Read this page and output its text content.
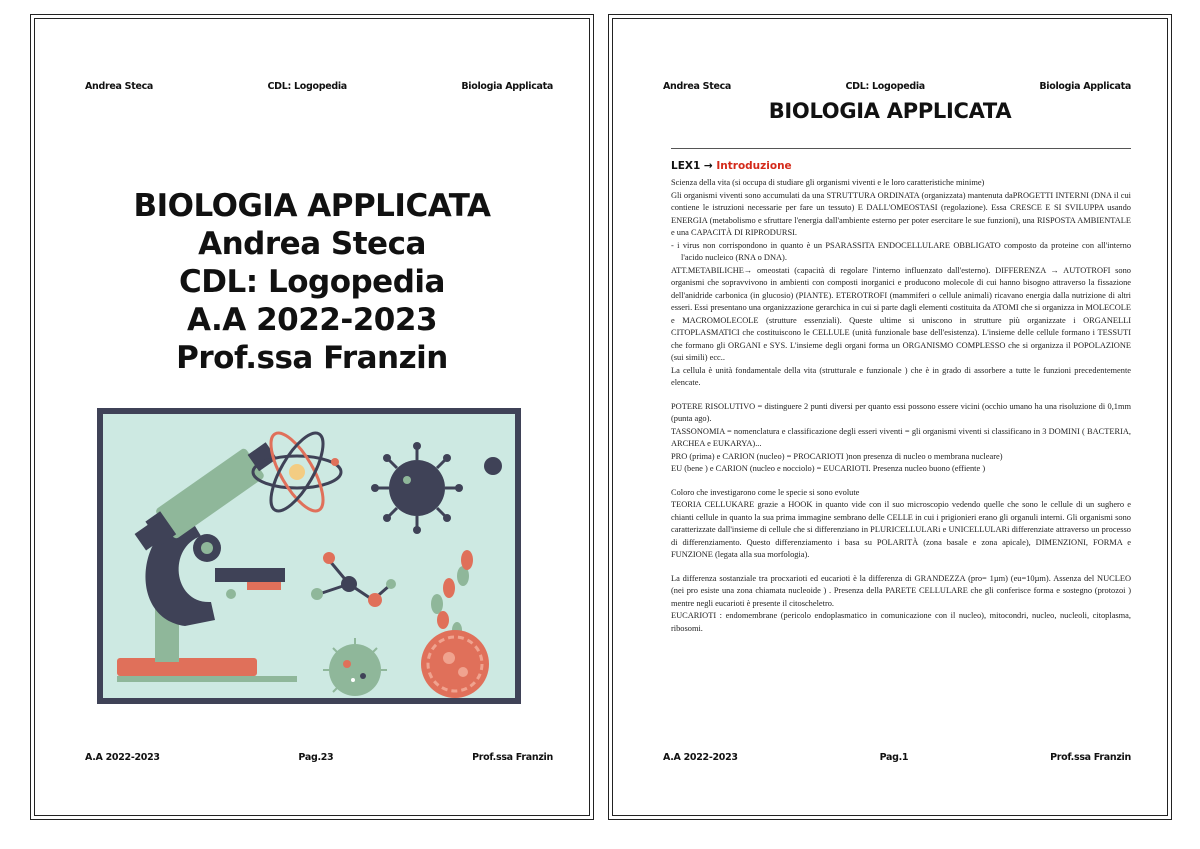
Andrea Steca	CDL: Logopedia	Biologia Applicata
BIOLOGIA APPLICATA
Andrea Steca
CDL: Logopedia
A.A 2022-2023
Prof.ssa Franzin
A.A 2022-2023	Pag.23	Prof.ssa Franzin
Andrea Steca	CDL: Logopedia	Biologia Applicata
BIOLOGIA APPLICATA
LEX1 → Introduzione

Scienza della vita (si occupa di studiare gli organismi viventi e le loro caratteristiche minime)

Gli organismi viventi sono accumulati da una STRUTTURA ORDINATA (organizzata) mantenuta daPROGETTI INTERNI (DNA il cui contiene le istruzioni necessarie per fare un tessuto) E DALL'OMEOSTASI (regolazione). Essa CRESCE E SI SVILUPPA usando ENERGIA (metabolismo e sfruttare l'energia dall'ambiente esterno per poter esercitare le sue funzioni), una RISPOSTA AMBIENTALE e una CAPACITÀ DI RIPRODURSI.

- i virus non corrispondono in quanto è un PSARASSITA ENDOCELLULARE OBBLIGATO composto da proteine con all'interno l'acido nucleico (RNA o DNA).

ATT.METABILICHE→ omeostati (capacità di regolare l'interno influenzato dall'esterno). DIFFERENZA → AUTOTROFI sono organismi che sopravvivono in ambienti con composti inorganici e producono molecole di cui hanno bisogno attraverso la fissazione dell'anidride carbonica (in glucosio) (PIANTE). ETEROTROFI (mammiferi o cellule animali) ricavano energia dalla nutrizione di altri esseri. Essi presentano una organizzazione gerarchica in cui si parte dagli elementi costituita da ATOMI che si organizza in MOLECOLE e MACROMOLECOLE (strutture essenziali). Queste ultime si uniscono in strutture più organizzate i ORGANELLI CITOPLASMATICI che costituiscono le CELLULE (unità funzionale base dell'esistenza). L'insieme delle cellule formano i TESSUTI che formano gli ORGANI e SYS. L'insieme degli organi forma un ORGANISMO COMPLESSO che si organizza il POPOLAZIONE (sui simili) ecc..

La cellula è unità fondamentale della vita (strutturale e funzionale ) che è in grado di assorbere a tutte le funzioni precedentemente elencate.

POTERE RISOLUTIVO = distinguere 2 punti diversi per quanto essi possono essere vicini (occhio umano ha una risoluzione di 0,1mm (punta ago).

TASSONOMIA = nomenclatura e classificazione degli esseri viventi = gli organismi viventi si classificano in 3 DOMINI ( BACTERIA, ARCHEA e EUKARYA)...

PRO (prima) e CARION (nucleo) = PROCARIOTI )non presenza di nucleo o membrana nucleare)

EU (bene ) e CARION (nucleo e nocciolo) = EUCARIOTI. Presenza nucleo buono (effiente )

Coloro che investigarono come le specie si sono evolute

TEORIA CELLUKARE grazie a HOOK in quanto vide con il suo microscopio vedendo quelle che sono le cellule di un sughero e chianti cellule in quanto la sua prima immagine sembrano delle CELLE in cui i prigionieri erano gli organuli interni. Gli organismi sono caratterizzate dall'insieme di cellule che si differenziano in PLURICELLULARi e UNICELLULARi differenziate attraverso un processo di differenziamento. Questo differenziamento i basa su POLARITÀ (zona basale e zona apicale), DIMENZIONI, FORMA e FUNZIONE (legata alla sua morfologia).

La differenza sostanziale tra procxarioti ed eucarioti è la differenza di GRANDEZZA (pro= 1µm) (eu=10µm). Assenza del NUCLEO (nei pro esiste una zona chiamata nucleoide ) . Presenza della PARETE CELLULARE che gli conferisce forma e sostegno (protozoi ) mentre negli eucarioti è presente il citoscheletro.

EUCARIOTI : endomembrane (pericolo endoplasmatico in comunicazione con il nucleo), mitocondri, nucleo, nucleoli, citoplasma, ribosomi.

A.A 2022-2023	Pag.1	Prof.ssa Franzin
